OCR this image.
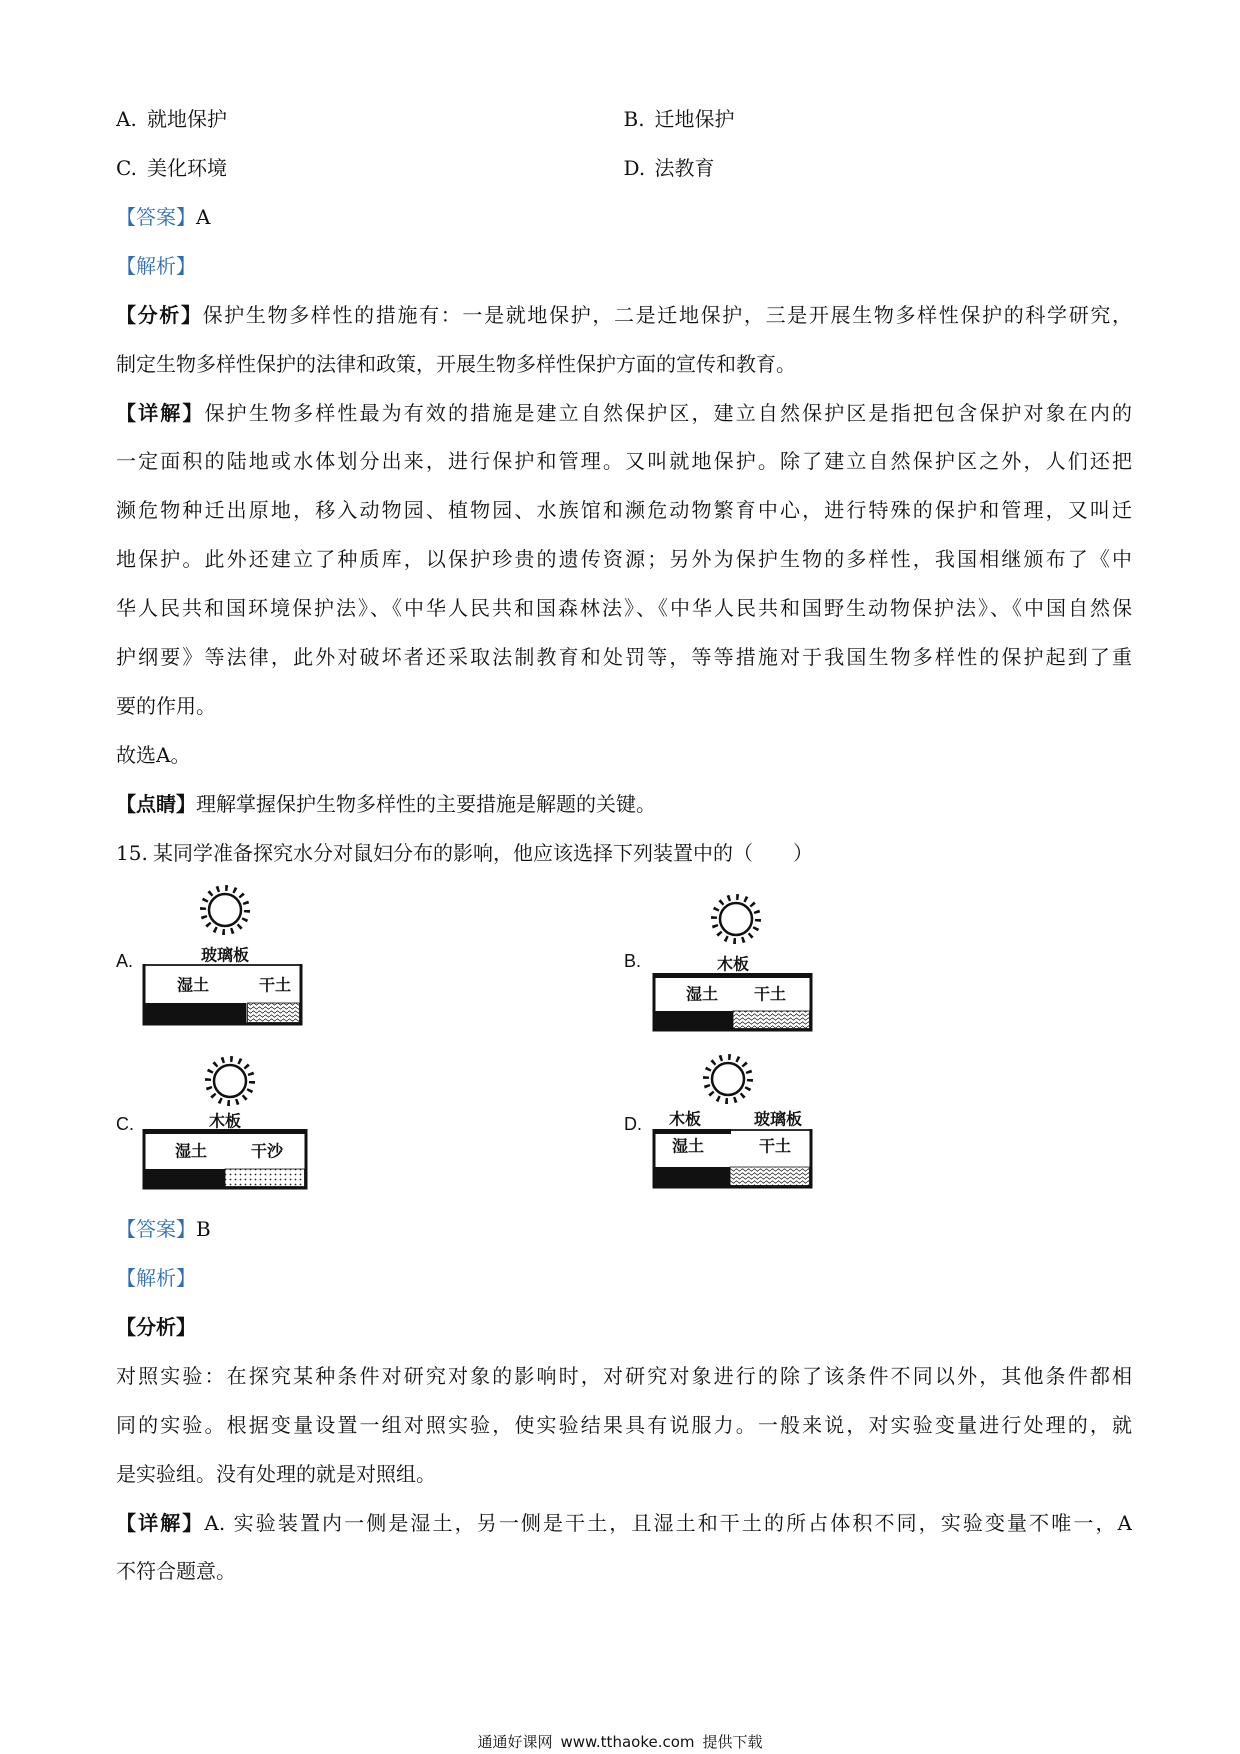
A. 就地保护	B. 迁地保护
C. 美化环境	D. 法教育
【答案】A
【解析】
【分析】保护生物多样性的措施有：一是就地保护，二是迁地保护，三是开展生物多样性保护的科学研究，
制定生物多样性保护的法律和政策，开展生物多样性保护方面的宣传和教育。
【详解】保护生物多样性最为有效的措施是建立自然保护区，建立自然保护区是指把包含保护对象在内的
一定面积的陆地或水体划分出来，进行保护和管理。又叫就地保护。除了建立自然保护区之外，人们还把
濒危物种迁出原地，移入动物园、植物园、水族馆和濒危动物繁育中心，进行特殊的保护和管理，又叫迁
地保护。此外还建立了种质库，以保护珍贵的遗传资源；另外为保护生物的多样性，我国相继颁布了《中
华人民共和国环境保护法》、《中华人民共和国森林法》、《中华人民共和国野生动物保护法》、《中国自然保
护纲要》等法律，此外对破坏者还采取法制教育和处罚等，等等措施对于我国生物多样性的保护起到了重
要的作用。
故选A。
【点睛】理解掌握保护生物多样性的主要措施是解题的关键。
15. 某同学准备探究水分对鼠妇分布的影响，他应该选择下列装置中的（　　）
A.	B.
C.	D.
玻璃板
湿土	干土
木板
湿土 干土
木板
湿土	干沙
木板	玻璃板
湿土	干土
【答案】B
【解析】
【分析】
对照实验：在探究某种条件对研究对象的影响时，对研究对象进行的除了该条件不同以外，其他条件都相
同的实验。根据变量设置一组对照实验，使实验结果具有说服力。一般来说，对实验变量进行处理的，就
是实验组。没有处理的就是对照组。
【详解】A. 实验装置内一侧是湿土，另一侧是干土，且湿土和干土的所占体积不同，实验变量不唯一，A
不符合题意。
通通好课网 www.tthaoke.com 提供下载
